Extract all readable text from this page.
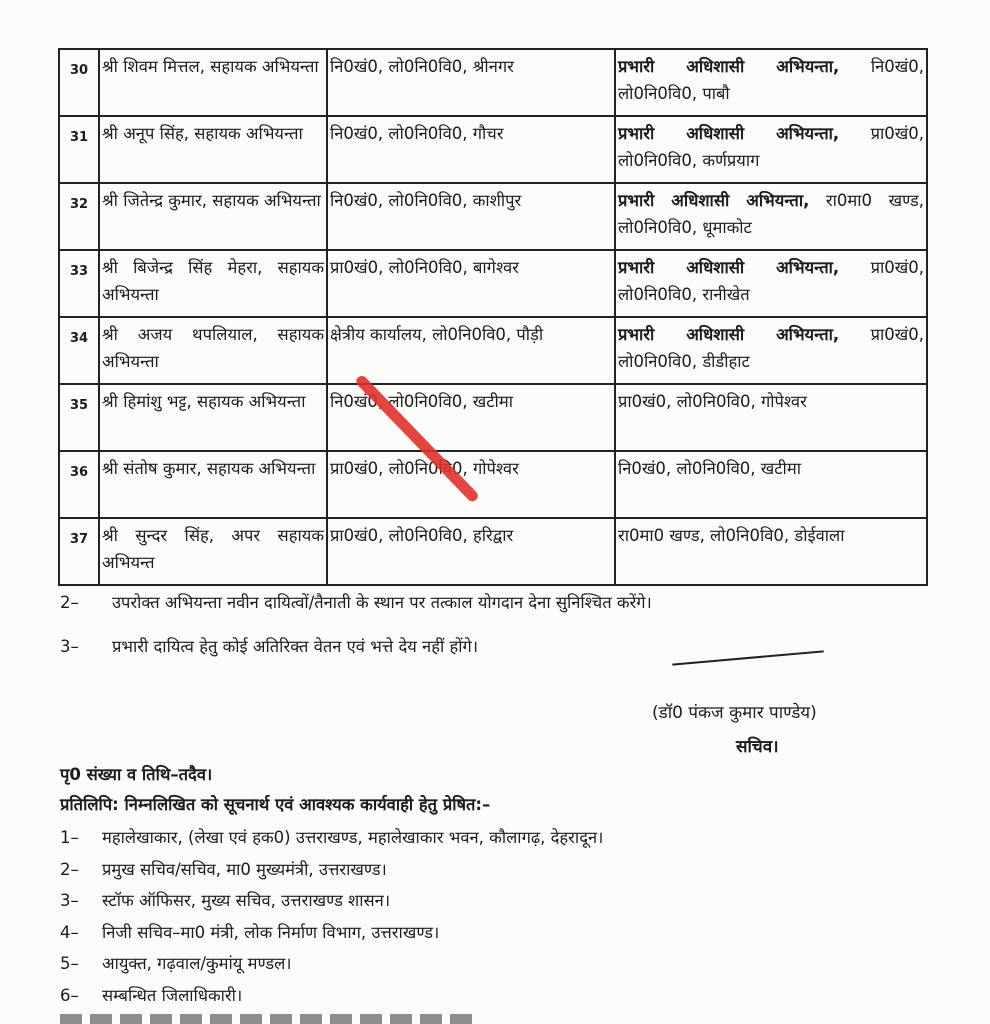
30	श्री शिवम मित्तल, सहायक अभियन्ता	नि0खं0, लो0नि0वि0, श्रीनगर	प्रभारी अधिशासी अभियन्ता, नि0खं0, लो0नि0वि0, पाबौ
31	श्री अनूप सिंह, सहायक अभियन्ता	नि0खं0, लो0नि0वि0, गौचर	प्रभारी अधिशासी अभियन्ता, प्रा0खं0, लो0नि0वि0, कर्णप्रयाग
32	श्री जितेन्द्र कुमार, सहायक अभियन्ता	नि0खं0, लो0नि0वि0, काशीपुर	प्रभारी अधिशासी अभियन्ता, रा0मा0 खण्ड, लो0नि0वि0, धूमाकोट
33	श्री बिजेन्द्र सिंह मेहरा, सहायक अभियन्ता	प्रा0खं0, लो0नि0वि0, बागेश्वर	प्रभारी अधिशासी अभियन्ता, प्रा0खं0, लो0नि0वि0, रानीखेत
34	श्री अजय थपलियाल, सहायक अभियन्ता	क्षेत्रीय कार्यालय, लो0नि0वि0, पौड़ी	प्रभारी अधिशासी अभियन्ता, प्रा0खं0, लो0नि0वि0, डीडीहाट
35	श्री हिमांशु भट्ट, सहायक अभियन्ता	नि0खं0, लो0नि0वि0, खटीमा	प्रा0खं0, लो0नि0वि0, गोपेश्वर
36	श्री संतोष कुमार, सहायक अभियन्ता	प्रा0खं0, लो0नि0वि0, गोपेश्वर	नि0खं0, लो0नि0वि0, खटीमा
37	श्री सुन्दर सिंह, अपर सहायक अभियन्त	प्रा0खं0, लो0नि0वि0, हरिद्वार	रा0मा0 खण्ड, लो0नि0वि0, डोईवाला
2– उपरोक्त अभियन्ता नवीन दायित्वों/तैनाती के स्थान पर तत्काल योगदान देना सुनिश्चित करेंगे।
3– प्रभारी दायित्व हेतु कोई अतिरिक्त वेतन एवं भत्ते देय नहीं होंगे।
(डॉ0 पंकज कुमार पाण्डेय)
सचिव।
पृ0 संख्या व तिथि–तदैव।
प्रतिलिपि: निम्नलिखित को सूचनार्थ एवं आवश्यक कार्यवाही हेतु प्रेषित:–
1– महालेखाकार, (लेखा एवं हक0) उत्तराखण्ड, महालेखाकार भवन, कौलागढ़, देहरादून।
2– प्रमुख सचिव/सचिव, मा0 मुख्यमंत्री, उत्तराखण्ड।
3– स्टॉफ ऑफिसर, मुख्य सचिव, उत्तराखण्ड शासन।
4– निजी सचिव–मा0 मंत्री, लोक निर्माण विभाग, उत्तराखण्ड।
5– आयुक्त, गढ़वाल/कुमांयू मण्डल।
6– सम्बन्धित जिलाधिकारी।
